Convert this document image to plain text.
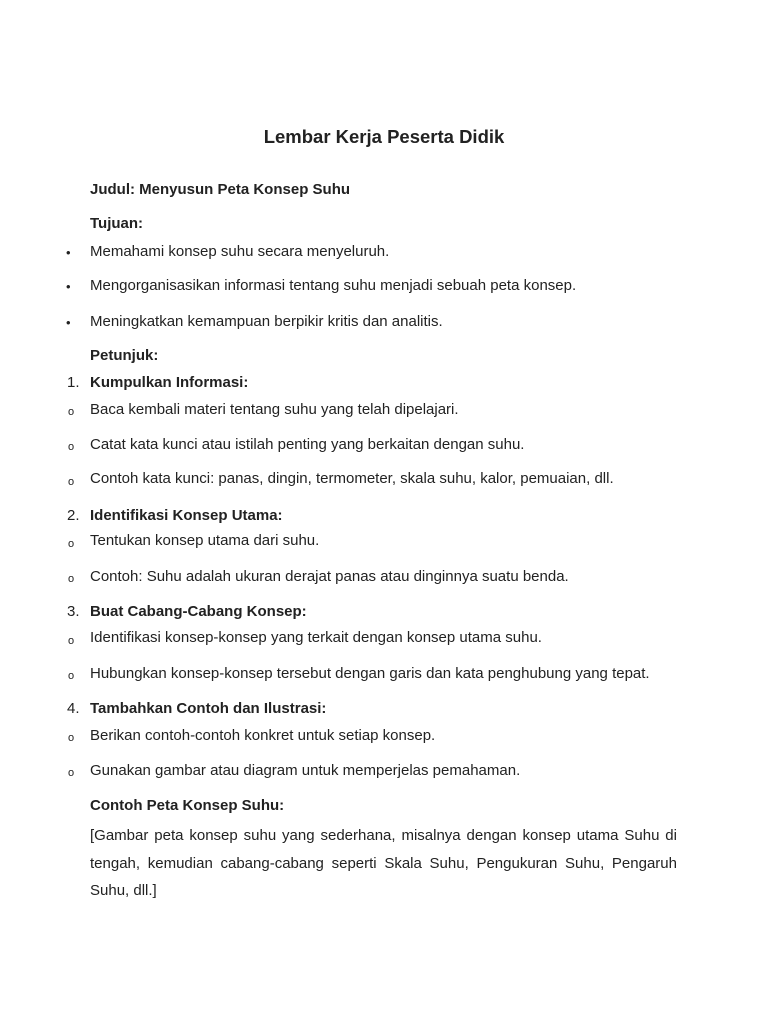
Lembar Kerja Peserta Didik
Judul: Menyusun Peta Konsep Suhu
Tujuan:
• Memahami konsep suhu secara menyeluruh.
• Mengorganisasikan informasi tentang suhu menjadi sebuah peta konsep.
• Meningkatkan kemampuan berpikir kritis dan analitis.
Petunjuk:
1. Kumpulkan Informasi:
o Baca kembali materi tentang suhu yang telah dipelajari.
o Catat kata kunci atau istilah penting yang berkaitan dengan suhu.
o Contoh kata kunci: panas, dingin, termometer, skala suhu, kalor, pemuaian, dll.
2. Identifikasi Konsep Utama:
o Tentukan konsep utama dari suhu.
o Contoh: Suhu adalah ukuran derajat panas atau dinginnya suatu benda.
3. Buat Cabang-Cabang Konsep:
o Identifikasi konsep-konsep yang terkait dengan konsep utama suhu.
o Hubungkan konsep-konsep tersebut dengan garis dan kata penghubung yang tepat.
4. Tambahkan Contoh dan Ilustrasi:
o Berikan contoh-contoh konkret untuk setiap konsep.
o Gunakan gambar atau diagram untuk memperjelas pemahaman.
Contoh Peta Konsep Suhu:
[Gambar peta konsep suhu yang sederhana, misalnya dengan konsep utama Suhu di tengah, kemudian cabang-cabang seperti Skala Suhu, Pengukuran Suhu, Pengaruh Suhu, dll.]
